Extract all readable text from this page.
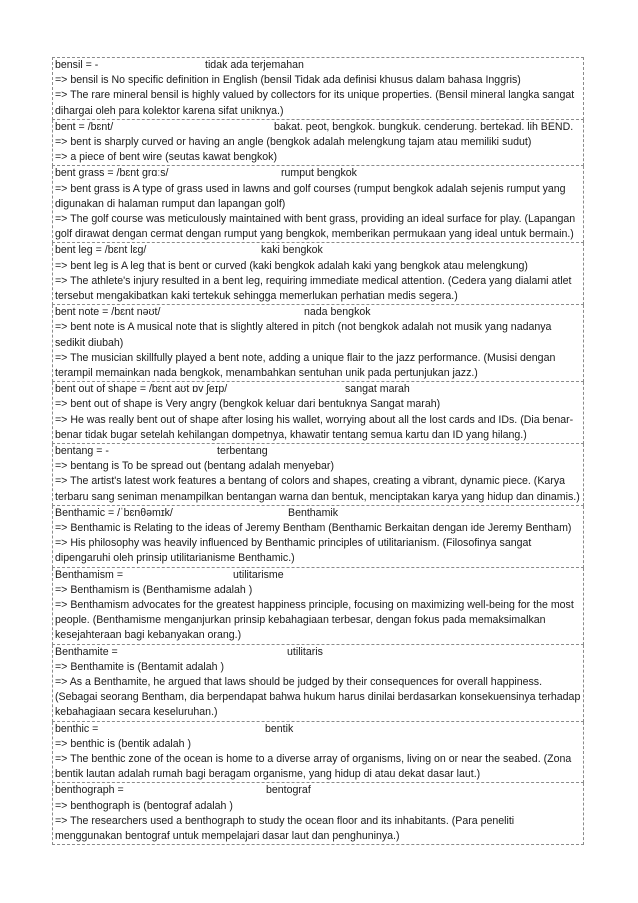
bensil = -	tidak ada terjemahan
=> bensil is No specific definition in English (bensil Tidak ada definisi khusus dalam bahasa Inggris)
=> The rare mineral bensil is highly valued by collectors for its unique properties. (Bensil mineral langka sangat dihargai oleh para kolektor karena sifat uniknya.)
bent = /bɛnt/	bakat. peot, bengkok. bungkuk. cenderung. bertekad. lih BEND.
=> bent is sharply curved or having an angle (bengkok adalah melengkung tajam atau memiliki sudut)
=> a piece of bent wire (seutas kawat bengkok)
bent grass = /bɛnt grɑːs/	rumput bengkok
=> bent grass is A type of grass used in lawns and golf courses (rumput bengkok adalah sejenis rumput yang digunakan di halaman rumput dan lapangan golf)
=> The golf course was meticulously maintained with bent grass, providing an ideal surface for play. (Lapangan golf dirawat dengan cermat dengan rumput yang bengkok, memberikan permukaan yang ideal untuk bermain.)
bent leg = /bɛnt lɛg/	kaki bengkok
=> bent leg is A leg that is bent or curved (kaki bengkok adalah kaki yang bengkok atau melengkung)
=> The athlete's injury resulted in a bent leg, requiring immediate medical attention. (Cedera yang dialami atlet tersebut mengakibatkan kaki tertekuk sehingga memerlukan perhatian medis segera.)
bent note = /bɛnt nəʊt/	nada bengkok
=> bent note is A musical note that is slightly altered in pitch (not bengkok adalah not musik yang nadanya sedikit diubah)
=> The musician skillfully played a bent note, adding a unique flair to the jazz performance. (Musisi dengan terampil memainkan nada bengkok, menambahkan sentuhan unik pada pertunjukan jazz.)
bent out of shape = /bɛnt aʊt ɒv ʃeɪp/	sangat marah
=> bent out of shape is Very angry (bengkok keluar dari bentuknya Sangat marah)
=> He was really bent out of shape after losing his wallet, worrying about all the lost cards and IDs. (Dia benar-benar tidak bugar setelah kehilangan dompetnya, khawatir tentang semua kartu dan ID yang hilang.)
bentang = -	terbentang
=> bentang is To be spread out (bentang adalah menyebar)
=> The artist's latest work features a bentang of colors and shapes, creating a vibrant, dynamic piece. (Karya terbaru sang seniman menampilkan bentangan warna dan bentuk, menciptakan karya yang hidup dan dinamis.)
Benthamic = /ˈbɛnθəmɪk/	Benthamik
=> Benthamic is Relating to the ideas of Jeremy Bentham (Benthamic Berkaitan dengan ide Jeremy Bentham)
=> His philosophy was heavily influenced by Benthamic principles of utilitarianism. (Filosofinya sangat dipengaruhi oleh prinsip utilitarianisme Benthamic.)
Benthamism =	utilitarisme
=> Benthamism is (Benthamisme adalah )
=> Benthamism advocates for the greatest happiness principle, focusing on maximizing well-being for the most people. (Benthamisme menganjurkan prinsip kebahagiaan terbesar, dengan fokus pada memaksimalkan kesejahteraan bagi kebanyakan orang.)
Benthamite =	utilitaris
=> Benthamite is (Bentamit adalah )
=> As a Benthamite, he argued that laws should be judged by their consequences for overall happiness. (Sebagai seorang Bentham, dia berpendapat bahwa hukum harus dinilai berdasarkan konsekuensinya terhadap kebahagiaan secara keseluruhan.)
benthic =	bentik
=> benthic is (bentik adalah )
=> The benthic zone of the ocean is home to a diverse array of organisms, living on or near the seabed. (Zona bentik lautan adalah rumah bagi beragam organisme, yang hidup di atau dekat dasar laut.)
benthograph =	bentograf
=> benthograph is (bentograf adalah )
=> The researchers used a benthograph to study the ocean floor and its inhabitants. (Para peneliti menggunakan bentograf untuk mempelajari dasar laut dan penghuninya.)
